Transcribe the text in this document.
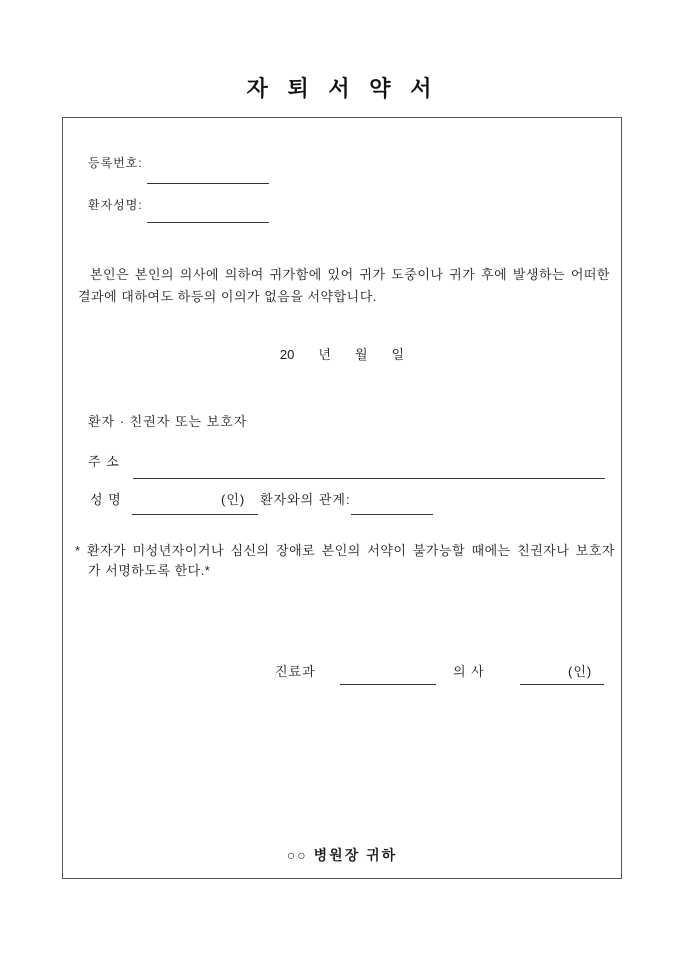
자 퇴 서 약 서
등록번호:
환자성명:
본인은 본인의 의사에 의하여 귀가함에 있어 귀가 도중이나 귀가 후에 발생하는 어떠한
결과에 대하여도 하등의 이의가 없음을 서약합니다.
20 년 월 일
환자 · 친권자 또는 보호자
주 소
성 명	(인) 환자와의 관계:
* 환자가 미성년자이거나 심신의 장애로 본인의 서약이 불가능할 때에는 친권자나 보호자
가 서명하도록 한다.*
진료과	의 사	(인)
○○ 병원장 귀하
